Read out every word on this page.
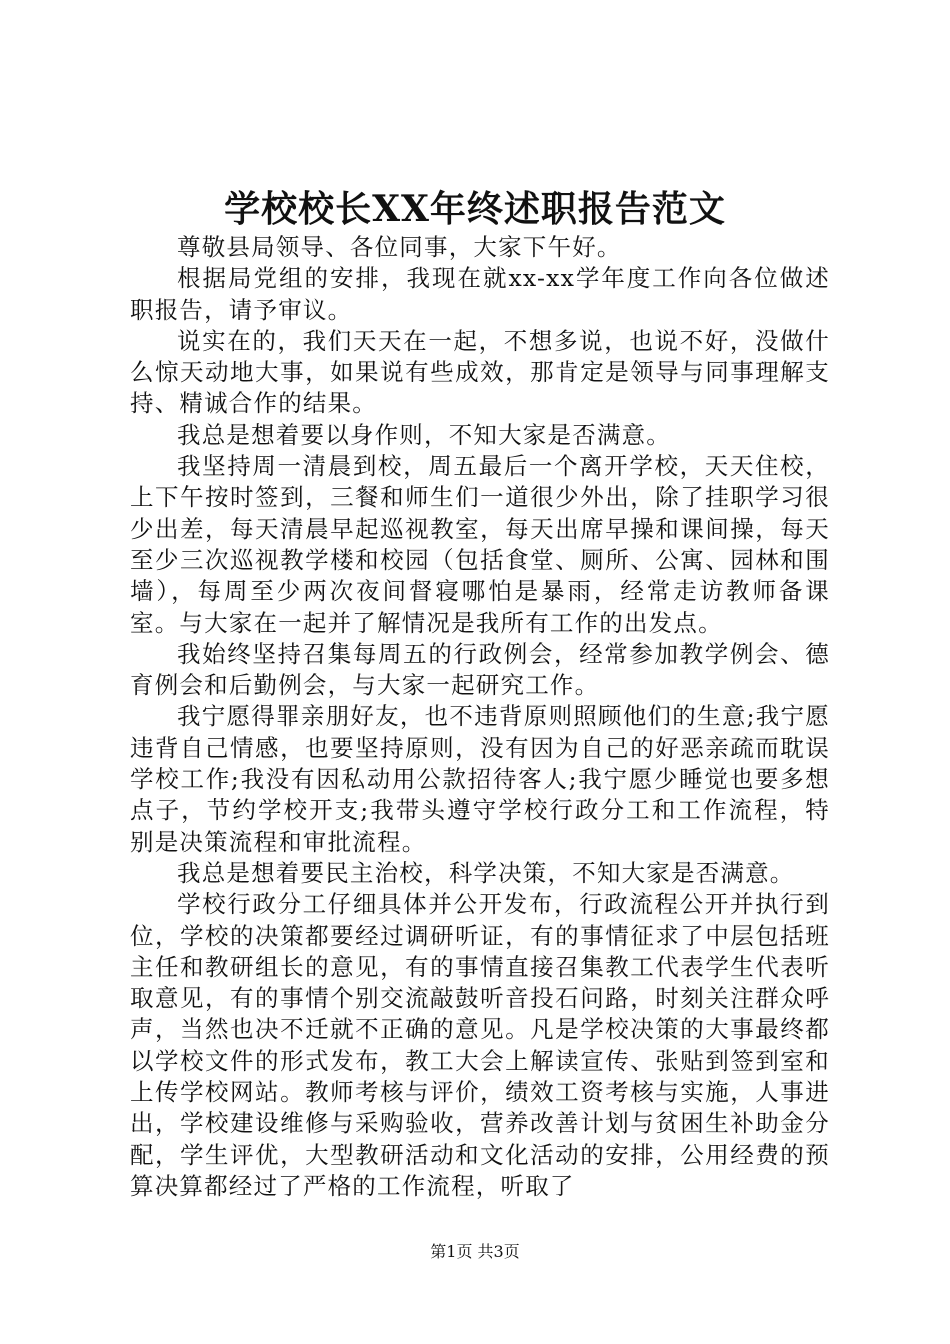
学校校长XX年终述职报告范文

尊敬县局领导、各位同事，大家下午好。

根据局党组的安排，我现在就xx-xx学年度工作向各位做述职报告，请予审议。

说实在的，我们天天在一起，不想多说，也说不好，没做什么惊天动地大事，如果说有些成效，那肯定是领导与同事理解支持、精诚合作的结果。

我总是想着要以身作则，不知大家是否满意。

我坚持周一清晨到校，周五最后一个离开学校，天天住校，上下午按时签到，三餐和师生们一道很少外出，除了挂职学习很少出差，每天清晨早起巡视教室，每天出席早操和课间操，每天至少三次巡视教学楼和校园（包括食堂、厕所、公寓、园林和围墙），每周至少两次夜间督寝哪怕是暴雨，经常走访教师备课室。与大家在一起并了解情况是我所有工作的出发点。

我始终坚持召集每周五的行政例会，经常参加教学例会、德育例会和后勤例会，与大家一起研究工作。

我宁愿得罪亲朋好友，也不违背原则照顾他们的生意;我宁愿违背自己情感，也要坚持原则，没有因为自己的好恶亲疏而耽误学校工作;我没有因私动用公款招待客人;我宁愿少睡觉也要多想点子，节约学校开支;我带头遵守学校行政分工和工作流程，特别是决策流程和审批流程。

我总是想着要民主治校，科学决策，不知大家是否满意。

学校行政分工仔细具体并公开发布，行政流程公开并执行到位，学校的决策都要经过调研听证，有的事情征求了中层包括班主任和教研组长的意见，有的事情直接召集教工代表学生代表听取意见，有的事情个别交流敲鼓听音投石问路，时刻关注群众呼声，当然也决不迁就不正确的意见。凡是学校决策的大事最终都以学校文件的形式发布，教工大会上解读宣传、张贴到签到室和上传学校网站。教师考核与评价，绩效工资考核与实施，人事进出，学校建设维修与采购验收，营养改善计划与贫困生补助金分配，学生评优，大型教研活动和文化活动的安排，公用经费的预算决算都经过了严格的工作流程，听取了

第1页 共3页
